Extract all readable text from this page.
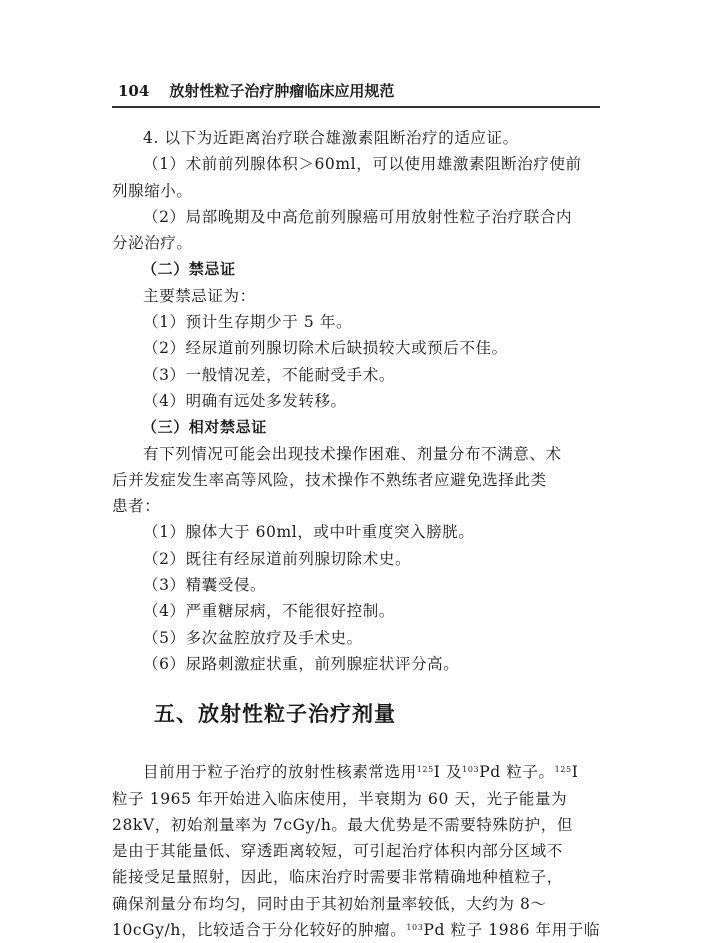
104 放射性粒子治疗肿瘤临床应用规范

4. 以下为近距离治疗联合雄激素阻断治疗的适应证。

（1）术前前列腺体积＞60ml，可以使用雄激素阻断治疗使前

列腺缩小。

（2）局部晚期及中高危前列腺癌可用放射性粒子治疗联合内

分泌治疗。

（二）禁忌证

主要禁忌证为：

（1）预计生存期少于 5 年。

（2）经尿道前列腺切除术后缺损较大或预后不佳。

（3）一般情况差，不能耐受手术。

（4）明确有远处多发转移。

（三）相对禁忌证

有下列情况可能会出现技术操作困难、剂量分布不满意、术

后并发症发生率高等风险，技术操作不熟练者应避免选择此类

患者：

（1）腺体大于 60ml，或中叶重度突入膀胱。

（2）既往有经尿道前列腺切除术史。

（3）精囊受侵。

（4）严重糖尿病，不能很好控制。

（5）多次盆腔放疗及手术史。

（6）尿路刺激症状重，前列腺症状评分高。

五、放射性粒子治疗剂量

目前用于粒子治疗的放射性核素常选用$^{125}$I 及$^{103}$Pd 粒子。$^{125}$I

粒子 1965 年开始进入临床使用，半衰期为 60 天，光子能量为

28kV，初始剂量率为 7cGy/h。最大优势是不需要特殊防护，但

是由于其能量低、穿透距离较短，可引起治疗体积内部分区域不

能接受足量照射，因此，临床治疗时需要非常精确地种植粒子，

确保剂量分布均匀，同时由于其初始剂量率较低，大约为 8～

10cGy/h，比较适合于分化较好的肿瘤。$^{103}$Pd 粒子 1986 年用于临
